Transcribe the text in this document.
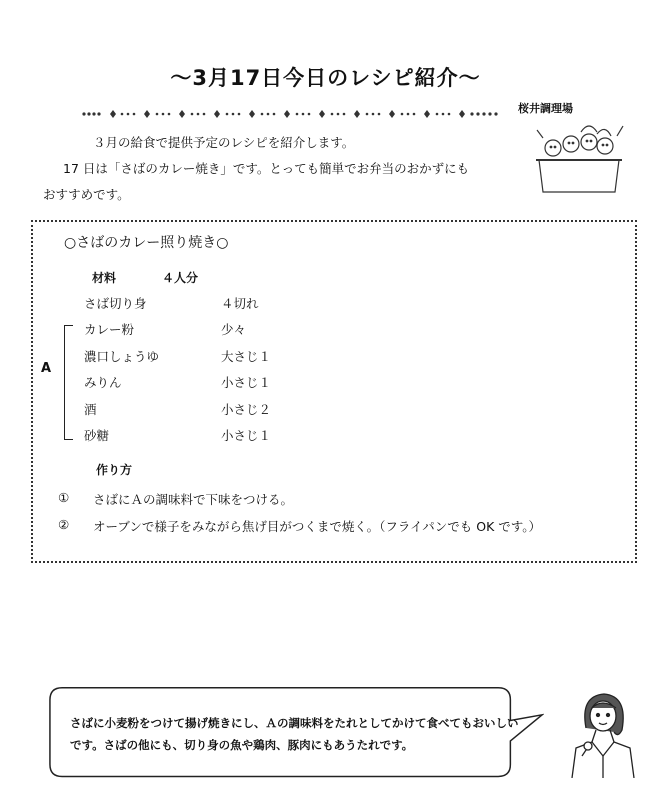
～3月17日今日のレシピ紹介～
桜井調理場
３月の給食で提供予定のレシピを紹介します。
17 日は「さばのカレー焼き」です。とっても簡単でお弁当のおかずにも
おすすめです。
○さばのカレー照り焼き○
材料	４人分
さば切り身	４切れ
A
カレー粉	少々
濃口しょうゆ	大さじ１
みりん	小さじ１
酒	小さじ２
砂糖	小さじ１
作り方
① さばにＡの調味料で下味をつける。
② オーブンで様子をみながら焦げ目がつくまで焼く。（フライパンでも OK です。）
さばに小麦粉をつけて揚げ焼きにし、Ａの調味料をたれとしてかけて食べてもおいしいです。さばの他にも、切り身の魚や鶏肉、豚肉にもあうたれです。
